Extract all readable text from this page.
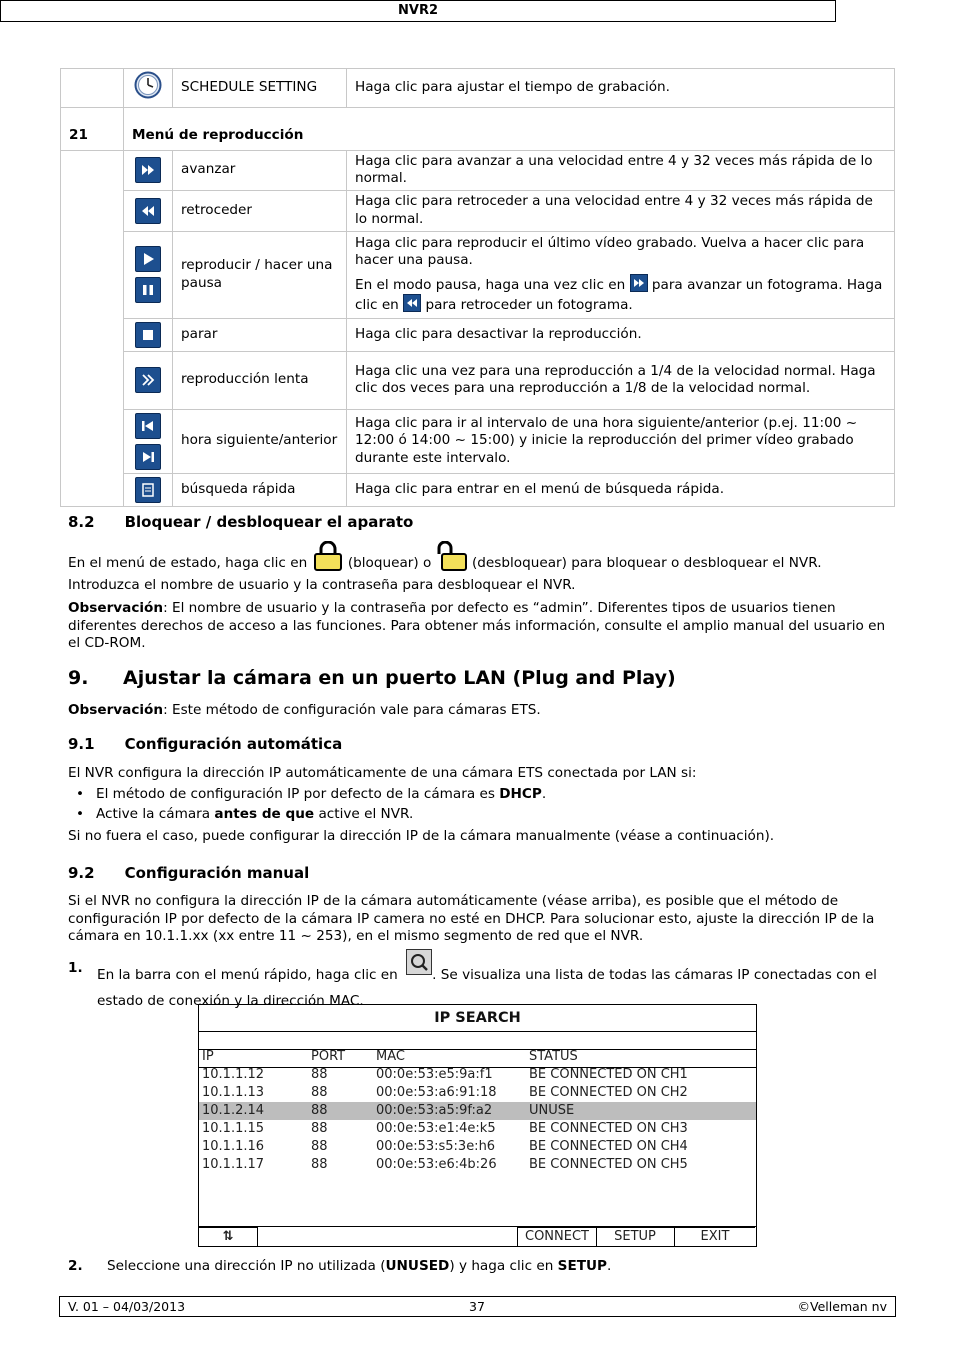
NVR2
		SCHEDULE SETTING	Haga clic para ajustar el tiempo de grabación.
21	Menú de reproducción		

	avanzar	Haga clic para avanzar a una velocidad entre 4 y 32 veces más rápida de lo normal.

	retroceder	Haga clic para retroceder a una velocidad entre 4 y 32 veces más rápida de lo normal.

	reproducir / hacer una pausa	Haga clic para reproducir el último vídeo grabado. Vuelva a hacer clic para hacer una pausa.

En el modo pausa, haga una vez clic en para avanzar un fotograma. Haga clic en para retroceder un fotograma.

	parar	Haga clic para desactivar la reproducción.

	reproducción lenta	Haga clic una vez para una reproducción a 1/4 de la velocidad normal. Haga clic dos veces para una reproducción a 1/8 de la velocidad normal.

	hora siguiente/anterior	Haga clic para ir al intervalo de una hora siguiente/anterior (p.ej. 11:00 ~ 12:00 ó 14:00 ~ 15:00) y inicie la reproducción del primer vídeo grabado durante este intervalo.

	búsqueda rápida	Haga clic para entrar en el menú de búsqueda rápida.
8.2  Bloquear / desbloquear el aparato

En el menú de estado, haga clic en	(bloquear) o	(desbloquear) para bloquear o desbloquear el NVR.
Introduzca el nombre de usuario y la contraseña para desbloquear el NVR.

Observación: El nombre de usuario y la contraseña por defecto es “admin”. Diferentes tipos de usuarios tienen diferentes derechos de acceso a las funciones. Para obtener más información, consulte el amplio manual del usuario en el CD-ROM.

9. Ajustar la cámara en un puerto LAN (Plug and Play)
Observación: Este método de configuración vale para cámaras ETS.
9.1  Configuración automática

El NVR configura la dirección IP automáticamente de una cámara ETS conectada por LAN si:

• El método de configuración IP por defecto de la cámara es DHCP.
• Active la cámara antes de que active el NVR.

Si no fuera el caso, puede configurar la dirección IP de la cámara manualmente (véase a continuación).

9.2  Configuración manual
Si el NVR no configura la dirección IP de la cámara automáticamente (véase arriba), es posible que el método de configuración IP por defecto de la cámara IP camera no esté en DHCP. Para solucionar esto, ajuste la dirección IP de la cámara en 10.1.1.xx (xx entre 11 ~ 253), en el mismo segmento de red que el NVR.
1. En la barra con el menú rápido, haga clic en	. Se visualiza una lista de todas las cámaras IP conectadas con el estado de conexión y la dirección MAC.
IP SEARCH
IP	PORT MAC	STATUS
10.1.1.12	88	00:0e:53:e5:9a:f1	BE CONNECTED ON CH1
10.1.1.13	88	00:0e:53:a6:91:18 BE CONNECTED ON CH2
10.1.2.14	88	00:0e:53:a5:9f:a2	UNUSE
10.1.1.15	88	00:0e:53:e1:4e:k5	BE CONNECTED ON CH3
10.1.1.16	88	00:0e:53:s5:3e:h6	BE CONNECTED ON CH4
10.1.1.17	88	00:0e:53:e6:4b:26 BE CONNECTED ON CH5
⇅	CONNECT	SETUP	EXIT
2. Seleccione una dirección IP no utilizada (UNUSED) y haga clic en SETUP.
V. 01 – 04/03/2013	37	©Velleman nv
